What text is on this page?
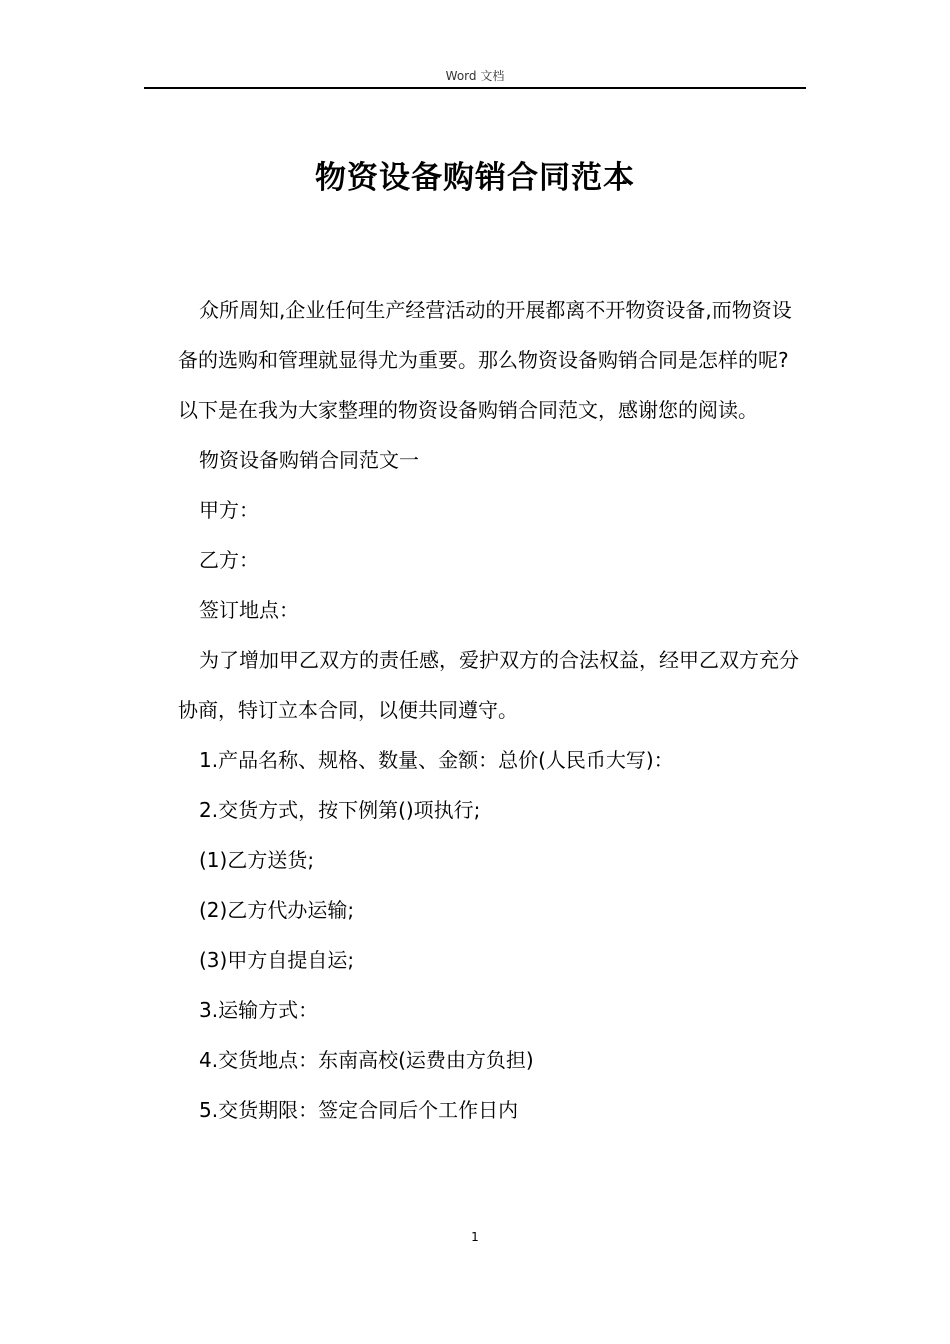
Word 文档
物资设备购销合同范本

众所周知,企业任何生产经营活动的开展都离不开物资设备,而物资设备的选购和管理就显得尤为重要。那么物资设备购销合同是怎样的呢?以下是在我为大家整理的物资设备购销合同范文，感谢您的阅读。

物资设备购销合同范文一

甲方：

乙方：

签订地点：

为了增加甲乙双方的责任感，爱护双方的合法权益，经甲乙双方充分协商，特订立本合同，以便共同遵守。

1.产品名称、规格、数量、金额：总价(人民币大写)：

2.交货方式，按下例第()项执行;

(1)乙方送货;

(2)乙方代办运输;

(3)甲方自提自运;

3.运输方式：

4.交货地点：东南高校(运费由方负担)

5.交货期限：签定合同后个工作日内

1
